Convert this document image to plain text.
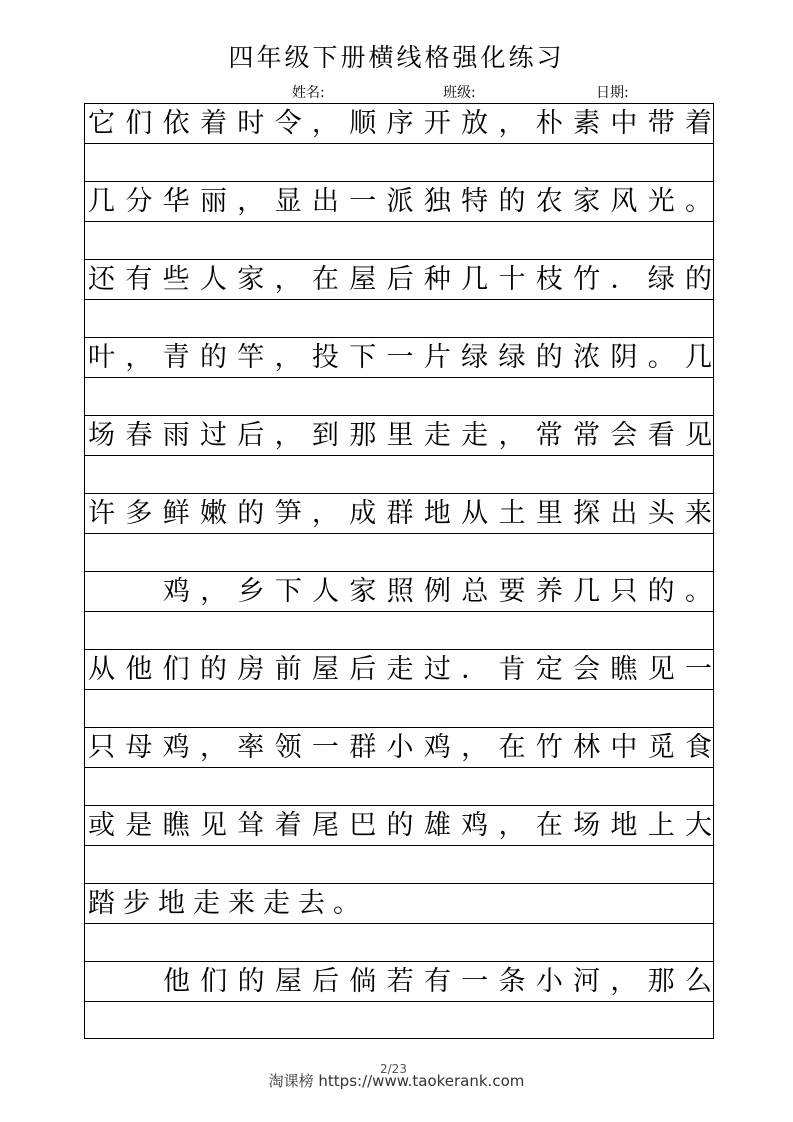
四年级下册横线格强化练习
姓名:	班级:	日期:
它 们 依 着 时 令 ， 顺 序 开 放 ， 朴 素 中 带 着
几 分 华 丽 ， 显 出 一 派 独 特 的 农 家 风 光 。
还 有 些 人 家 ， 在 屋 后 种 几 十 枝 竹 ． 绿 的
叶 ， 青 的 竿 ， 投 下 一 片 绿 绿 的 浓 阴 。 几
场 春 雨 过 后 ， 到 那 里 走 走 ， 常 常 会 看 见
许 多 鲜 嫩 的 笋 ， 成 群 地 从 土 里 探 出 头 来
鸡 ， 乡 下 人 家 照 例 总 要 养 几 只 的 。
从 他 们 的 房 前 屋 后 走 过 ． 肯 定 会 瞧 见 一
只 母 鸡 ， 率 领 一 群 小 鸡 ， 在 竹 林 中 觅 食
或 是 瞧 见 耸 着 尾 巴 的 雄 鸡 ， 在 场 地 上 大
踏步地走来走去。
他 们 的 屋 后 倘 若 有 一 条 小 河 ， 那 么
2/23
淘课榜 https://www.taokerank.com
